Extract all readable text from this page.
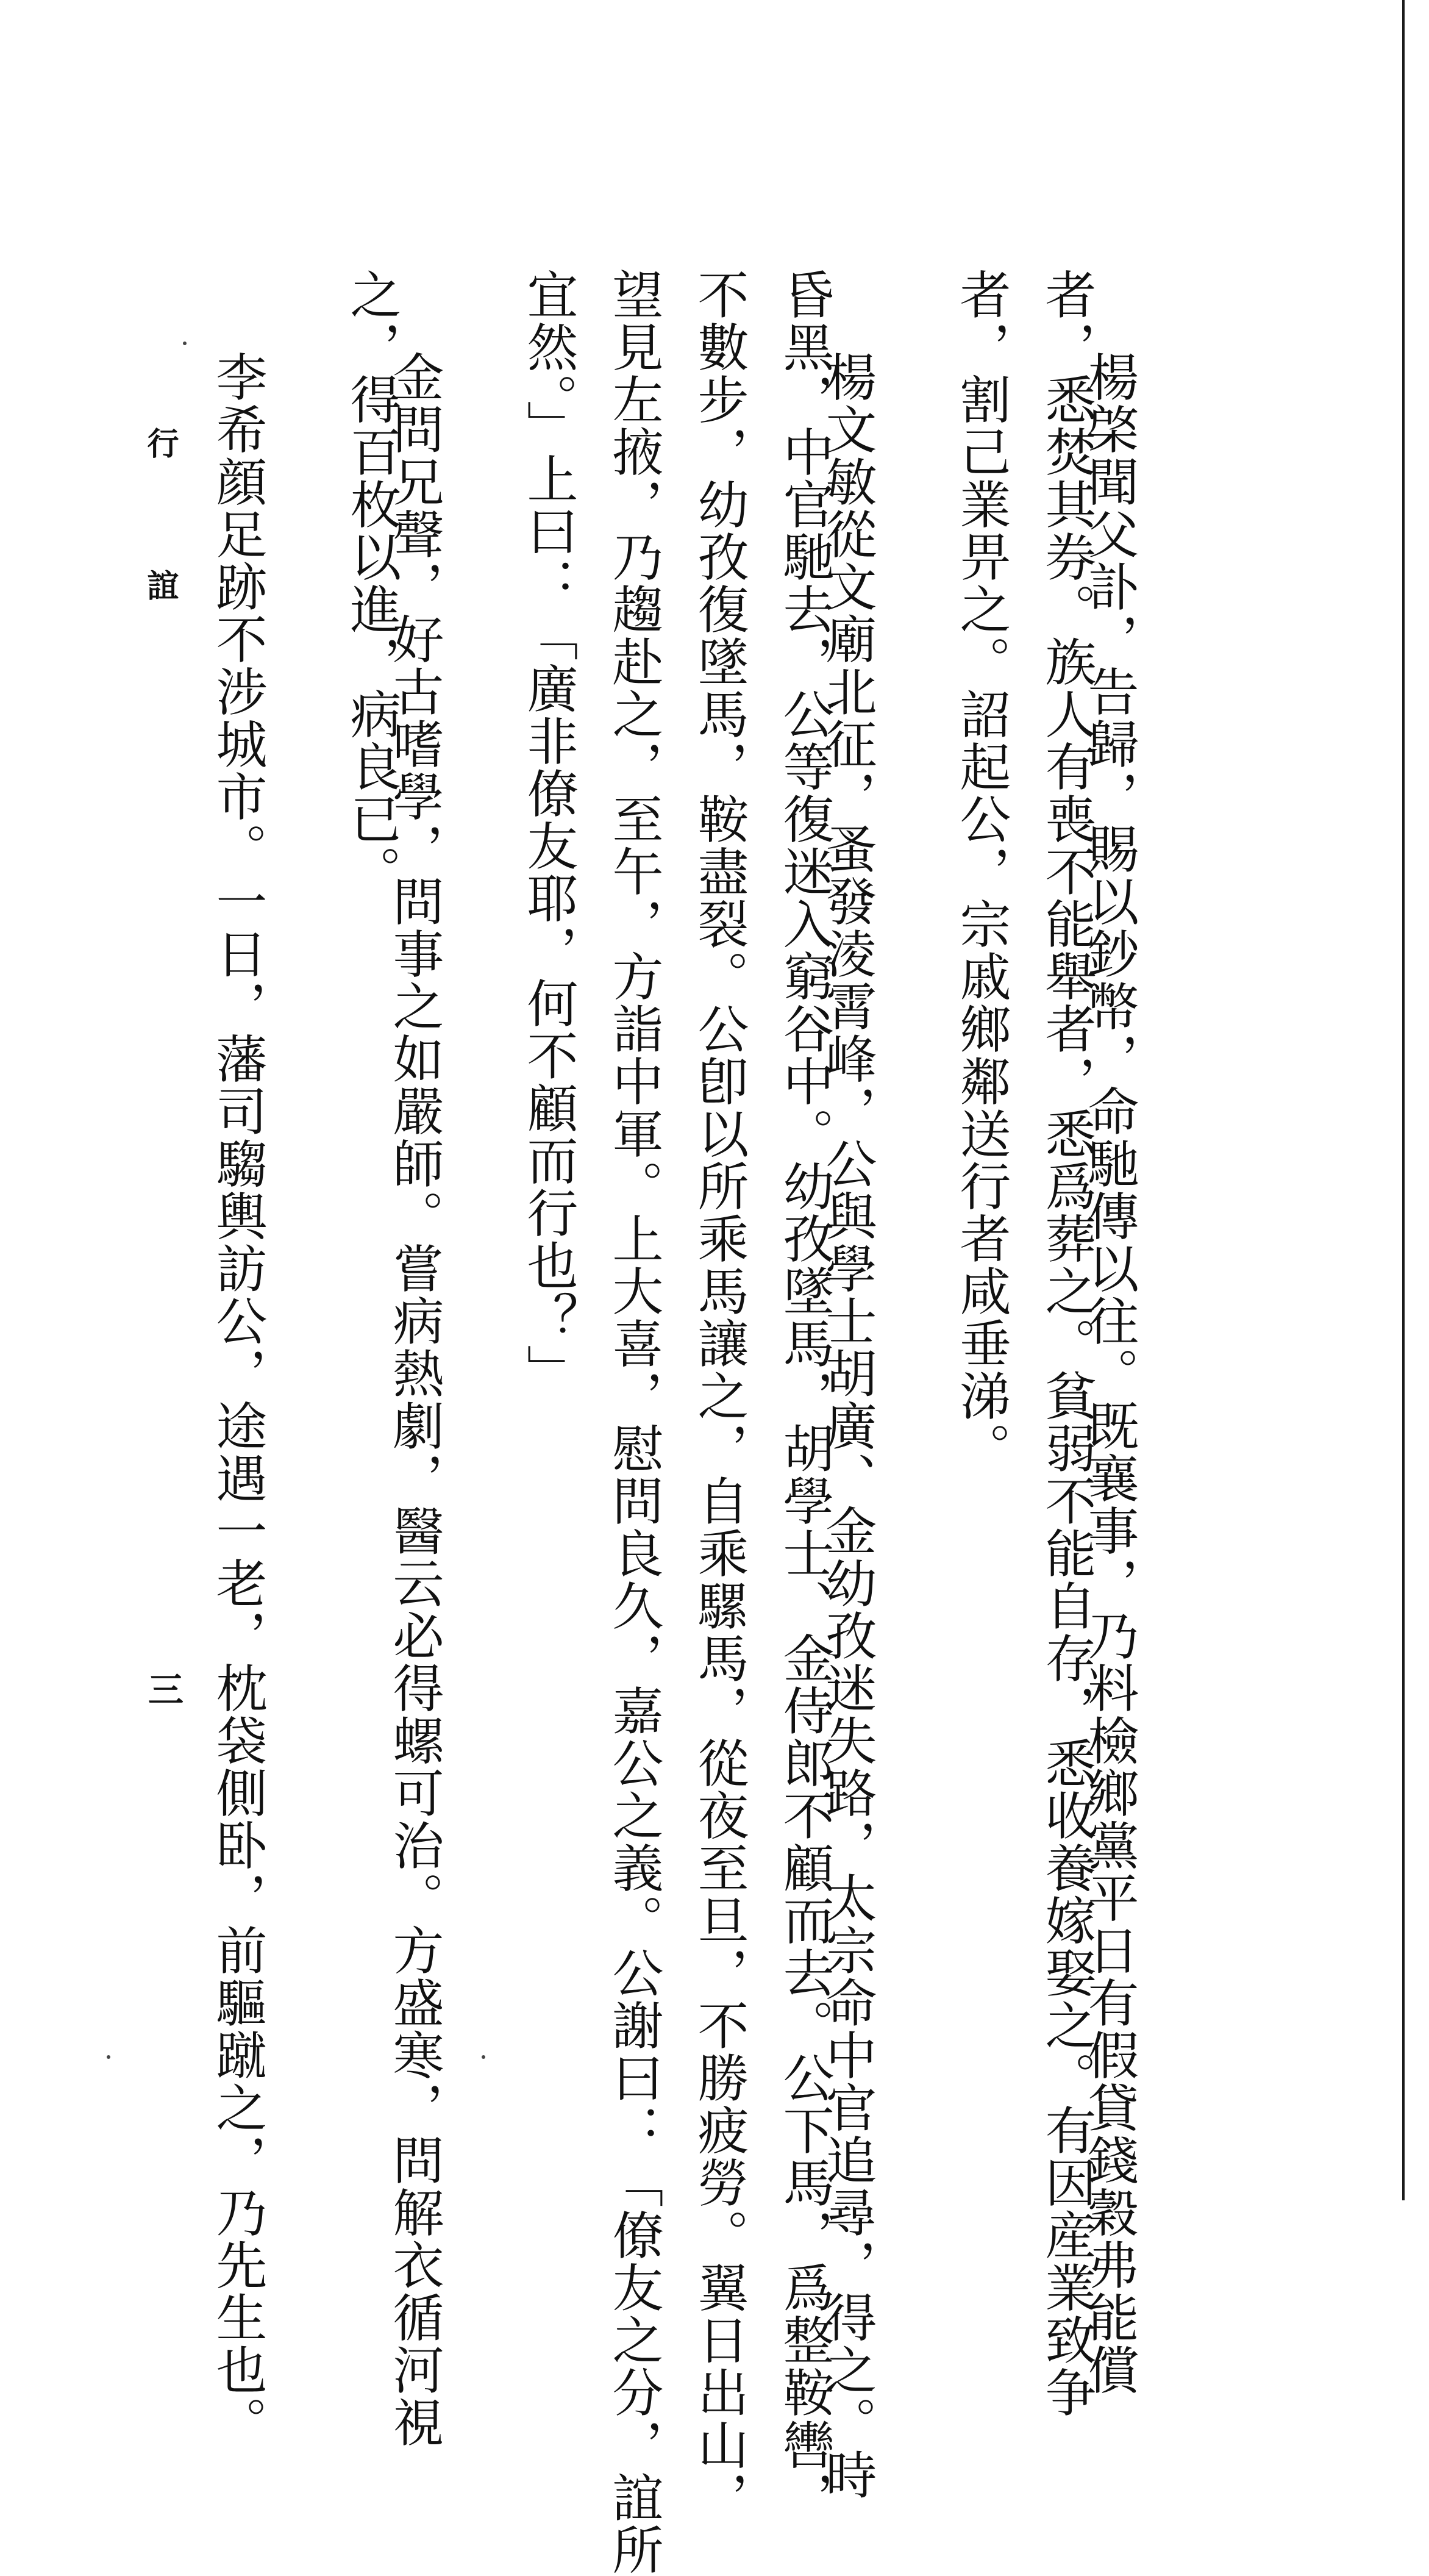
楊棨聞父訃，告歸，賜以鈔幣，命馳傳以往。既襄事，乃料檢鄉黨平日有假貸錢穀弗能償
者，悉焚其券。族人有喪不能舉者，悉爲葬之。貧弱不能自存，悉收養嫁娶之。有因産業致争
者，割己業畀之。詔起公，宗戚鄉鄰送行者咸垂涕。
楊文敏從文廟北征，蚤發淩霄峰，公與學士胡廣、金幼孜迷失路，太宗命中官追尋，得之。時
昏黑，中官馳去，公等復迷入窮谷中。幼孜墜馬，胡學士、金侍郎不顧而去。公下馬，爲整鞍轡，
不數步，幼孜復墜馬，鞍盡裂。公卽以所乘馬讓之，自乘騾馬，從夜至旦，不勝疲勞。翼日出山，
望見左掖，乃趨赴之，至午，方詣中軍。上大喜，慰問良久，嘉公之義。公謝曰：「僚友之分，誼所
宜然。」上曰：「廣非僚友耶，何不顧而行也？」
金問兄聲，好古嗜學，問事之如嚴師。嘗病熱劇，醫云必得螺可治。方盛寒，問解衣循河視
之，得百枚以進，病良已。
李希顔足跡不涉城市。一日，藩司騶輿訪公，途遇一老，枕袋側卧，前驅蹴之，乃先生也。
行 誼
三
